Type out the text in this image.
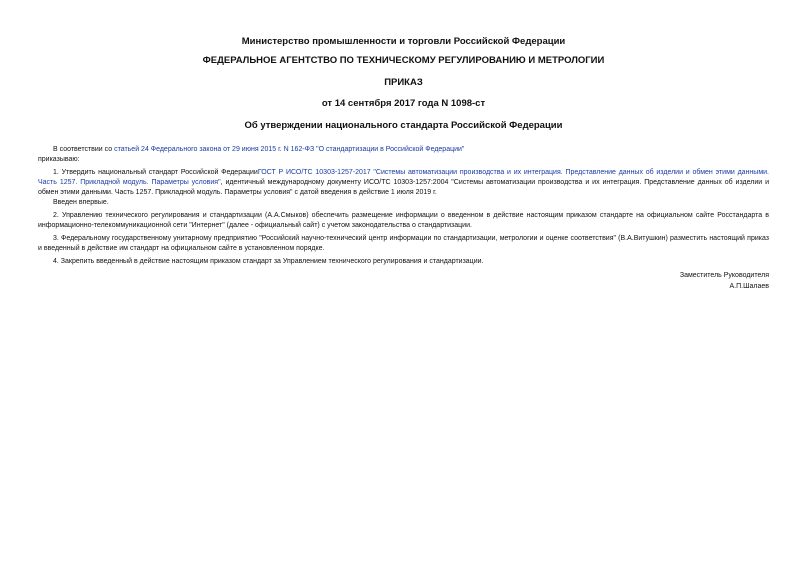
Министерство промышленности и торговли Российской Федерации
ФЕДЕРАЛЬНОЕ АГЕНТСТВО ПО ТЕХНИЧЕСКОМУ РЕГУЛИРОВАНИЮ И МЕТРОЛОГИИ
ПРИКАЗ
от 14 сентября 2017 года N 1098-ст
Об утверждении национального стандарта Российской Федерации

В соответствии со статьей 24 Федерального закона от 29 июня 2015 г. N 162-ФЗ "О стандартизации в Российской Федерации"

приказываю:

1. Утвердить национальный стандарт Российской ФедерацииГОСТ Р ИСО/ТС 10303-1257-2017 "Системы автоматизации производства и их интеграция. Представление данных об изделии и обмен этими данными. Часть 1257. Прикладной модуль. Параметры условия", идентичный международному документу ИСО/ТС 10303-1257:2004 "Системы автоматизации производства и их интеграция. Представление данных об изделии и обмен этими данными. Часть 1257. Прикладной модуль. Параметры условия" с датой введения в действие 1 июля 2019 г.

Введен впервые.

2. Управлению технического регулирования и стандартизации (А.А.Смыков) обеспечить размещение информации о введенном в действие настоящим приказом стандарте на официальном сайте Росстандарта в информационно-телекоммуникационной сети "Интернет" (далее - официальный сайт) с учетом законодательства о стандартизации.

3. Федеральному государственному унитарному предприятию "Российский научно-технический центр информации по стандартизации, метрологии и оценке соответствия" (В.А.Витушкин) разместить настоящий приказ и введенный в действие им стандарт на официальном сайте в установленном порядке.

4. Закрепить введенный в действие настоящим приказом стандарт за Управлением технического регулирования и стандартизации.

Заместитель Руководителя
А.П.Шалаев
